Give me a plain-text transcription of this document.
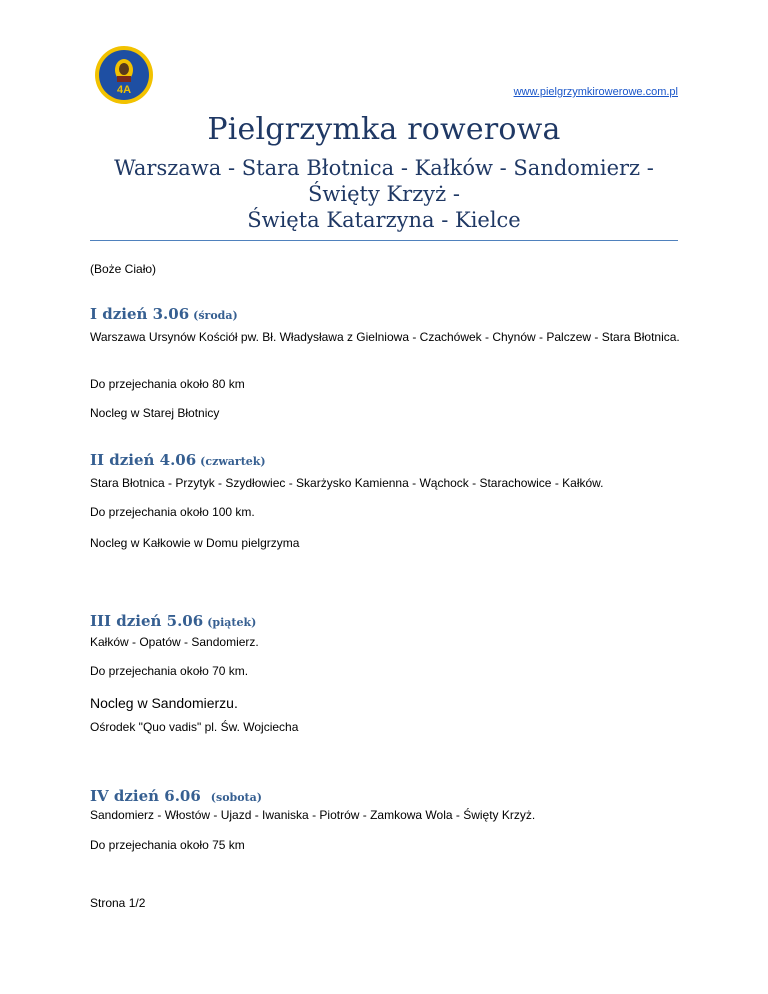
4A	www.pielgrzymkirowerowe.com.pl
Pielgrzymka rowerowa
Warszawa - Stara Błotnica - Kałków - Sandomierz -
Święty Krzyż -
Święta Katarzyna - Kielce
(Boże Ciało)
I dzień 3.06 (środa)
Warszawa Ursynów Kościół pw. Bł. Władysława z Gielniowa - Czachówek - Chynów - Palczew - Stara Błotnica.
Do przejechania około 80 km
Nocleg w Starej Błotnicy
II dzień 4.06 (czwartek)
Stara Błotnica - Przytyk - Szydłowiec - Skarżysko Kamienna - Wąchock - Starachowice - Kałków.
Do przejechania około 100 km.
Nocleg w Kałkowie w Domu pielgrzyma
III dzień 5.06 (piątek)
Kałków - Opatów - Sandomierz.
Do przejechania około 70 km.
Nocleg w Sandomierzu.
Ośrodek "Quo vadis" pl. Św. Wojciecha
IV dzień 6.06 (sobota)
Sandomierz - Włostów - Ujazd - Iwaniska - Piotrów - Zamkowa Wola - Święty Krzyż.
Do przejechania około 75 km
Strona 1/2
